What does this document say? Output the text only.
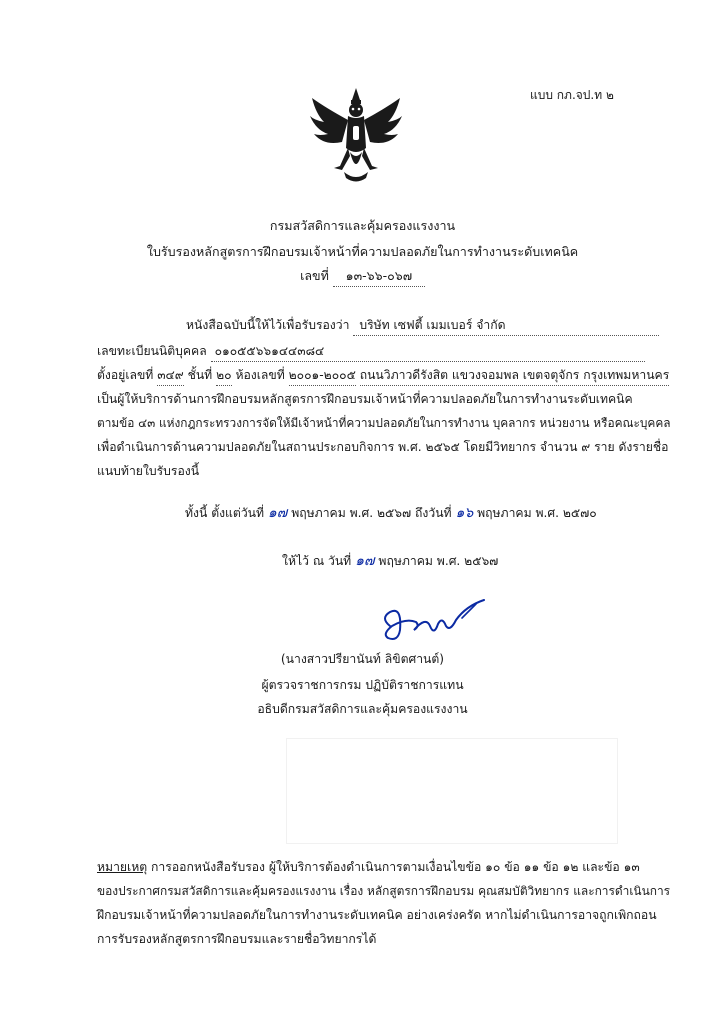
แบบ กภ.จป.ท ๒
กรมสวัสดิการและคุ้มครองแรงงาน
ใบรับรองหลักสูตรการฝึกอบรมเจ้าหน้าที่ความปลอดภัยในการทำงานระดับเทคนิค
เลขที่ ๑๓-๖๖-๐๖๗
หนังสือฉบับนี้ให้ไว้เพื่อรับรองว่า บริษัท เซฟตี้ เมมเบอร์ จำกัด
เลขทะเบียนนิติบุคคล ๐๑๐๕๕๖๖๑๔๔๓๘๔
ตั้งอยู่เลขที่ ๓๔๙ ชั้นที่ ๒๐ ห้องเลขที่ ๒๐๐๑-๒๐๐๕ ถนนวิภาวดีรังสิต แขวงจอมพล เขตจตุจักร กรุงเทพมหานคร
เป็นผู้ให้บริการด้านการฝึกอบรมหลักสูตรการฝึกอบรมเจ้าหน้าที่ความปลอดภัยในการทำงานระดับเทคนิค
ตามข้อ ๔๓ แห่งกฎกระทรวงการจัดให้มีเจ้าหน้าที่ความปลอดภัยในการทำงาน บุคลากร หน่วยงาน หรือคณะบุคคล
เพื่อดำเนินการด้านความปลอดภัยในสถานประกอบกิจการ พ.ศ. ๒๕๖๕ โดยมีวิทยากร จำนวน ๙ ราย ดังรายชื่อ
แนบท้ายใบรับรองนี้
ทั้งนี้ ตั้งแต่วันที่ ๑๗ พฤษภาคม พ.ศ. ๒๕๖๗ ถึงวันที่ ๑๖ พฤษภาคม พ.ศ. ๒๕๗๐
ให้ไว้ ณ วันที่ ๑๗ พฤษภาคม พ.ศ. ๒๕๖๗
(นางสาวปรียานันท์ ลิขิตศานต์)
ผู้ตรวจราชการกรม ปฏิบัติราชการแทน
อธิบดีกรมสวัสดิการและคุ้มครองแรงงาน
หมายเหตุ การออกหนังสือรับรอง ผู้ให้บริการต้องดำเนินการตามเงื่อนไขข้อ ๑๐ ข้อ ๑๑ ข้อ ๑๒ และข้อ ๑๓
ของประกาศกรมสวัสดิการและคุ้มครองแรงงาน เรื่อง หลักสูตรการฝึกอบรม คุณสมบัติวิทยากร และการดำเนินการ
ฝึกอบรมเจ้าหน้าที่ความปลอดภัยในการทำงานระดับเทคนิค อย่างเคร่งครัด หากไม่ดำเนินการอาจถูกเพิกถอน
การรับรองหลักสูตรการฝึกอบรมและรายชื่อวิทยากรได้
